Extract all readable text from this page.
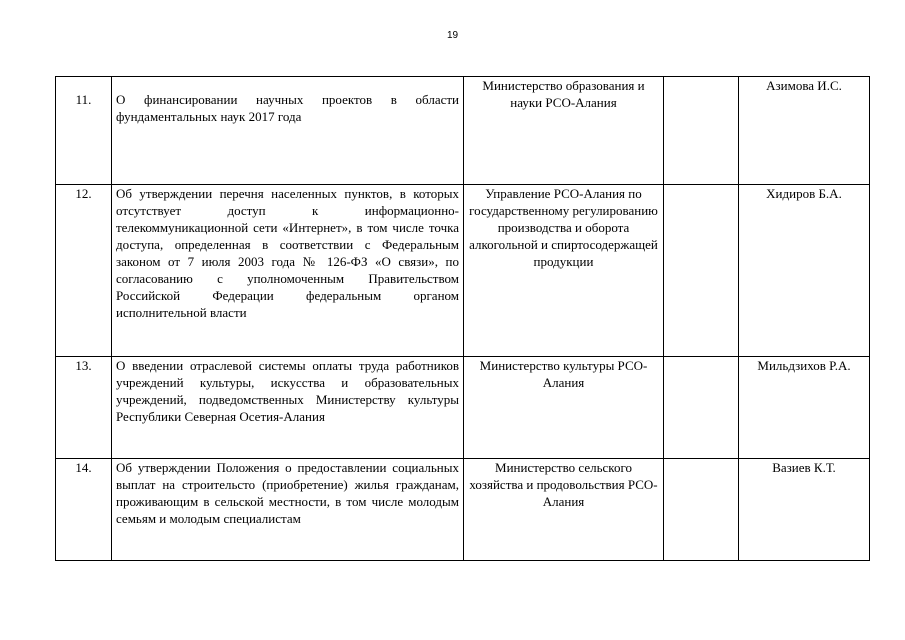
19
11.	О финансировании научных проектов в области фундаментальных наук 2017 года	Министерство образования и науки РСО-Алания		Азимова И.С.
12.	Об утверждении перечня населенных пунктов, в которых отсутствует доступ к информационно-телекоммуникационной сети «Интернет», в том числе точка доступа, определенная в соответствии с Федеральным законом от 7 июля 2003 года № 126-ФЗ «О связи», по согласованию с уполномоченным Правительством Российской Федерации федеральным органом исполнительной власти	Управление РСО-Алания по государственному регулированию производства и оборота алкогольной и спиртосодержащей продукции		Хидиров Б.А.
13.	О введении отраслевой системы оплаты труда работников учреждений культуры, искусства и образовательных учреждений, подведомственных Министерству культуры Республики Северная Осетия-Алания	Министерство культуры РСО-Алания		Мильдзихов Р.А.
14.	Об утверждении Положения о предоставлении социальных выплат на строительсто (приобретение) жилья гражданам, проживающим в сельской местности, в том числе молодым семьям и молодым специалистам	Министерство сельского хозяйства и продовольствия РСО-Алания		Вазиев К.Т.
